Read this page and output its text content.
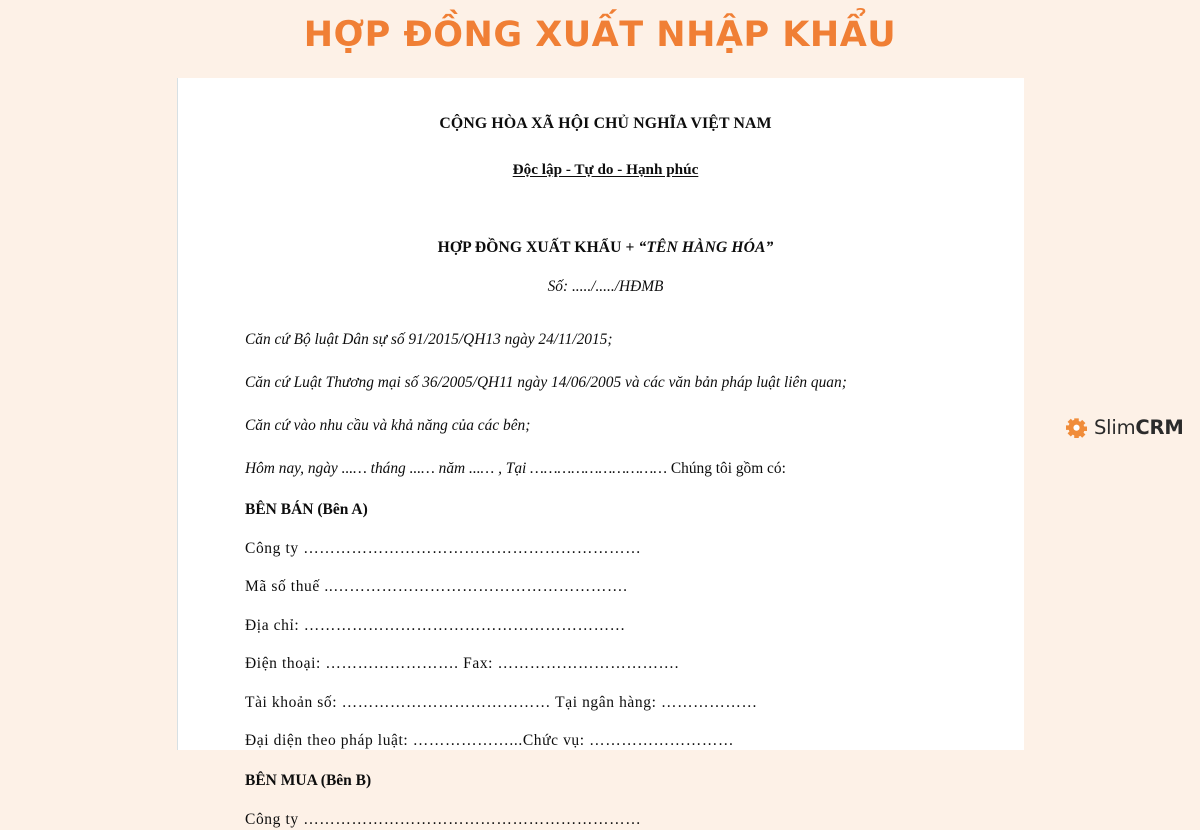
HỢP ĐỒNG XUẤT NHẬP KHẨU

CỘNG HÒA XÃ HỘI CHỦ NGHĨA VIỆT NAM

Độc lập - Tự do - Hạnh phúc

HỢP ĐỒNG XUẤT KHẨU + “TÊN HÀNG HÓA”

Số: ...../...../HĐMB

Căn cứ Bộ luật Dân sự số 91/2015/QH13 ngày 24/11/2015;

Căn cứ Luật Thương mại số 36/2005/QH11 ngày 14/06/2005 và các văn bản pháp luật liên quan;

Căn cứ vào nhu cầu và khả năng của các bên;

Hôm nay, ngày ...… tháng ...… năm ...… , Tại ………………………… Chúng tôi gồm có:

BÊN BÁN (Bên A)

Công ty ………………………………………………………

Mã số thuế ..……………………………………………….

Địa chỉ: ……………………………………………………

Điện thoại: ……………………. Fax: …………………………….

Tài khoản số: ………………………………… Tại ngân hàng: ………………

Đại diện theo pháp luật: ………………...Chức vụ: ………………………

BÊN MUA (Bên B)

Công ty ………………………………………………………

SlimCRM
